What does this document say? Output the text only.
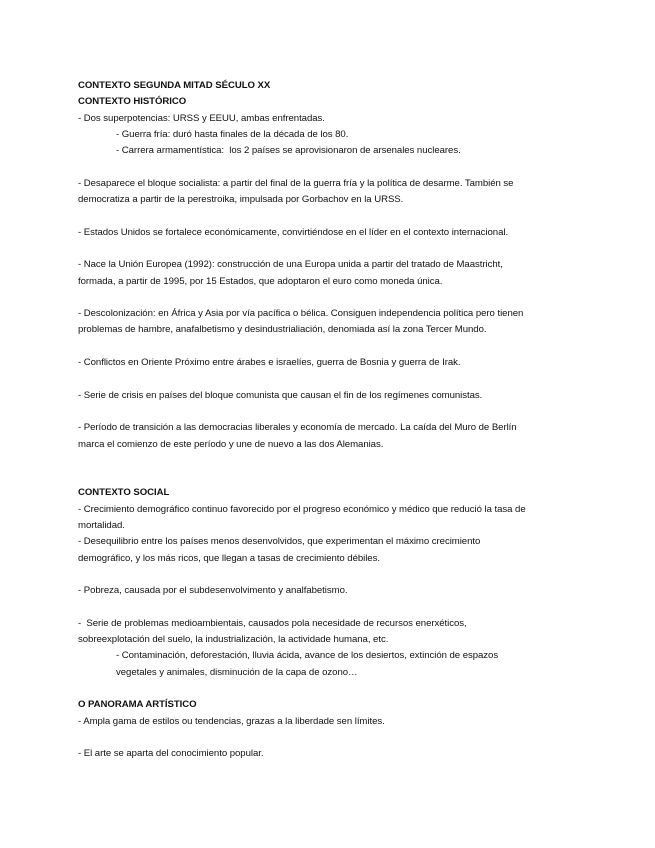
CONTEXTO SEGUNDA MITAD SÉCULO XX

CONTEXTO HISTÓRICO

- Dos superpotencias: URSS y EEUU, ambas enfrentadas.

- Guerra fría: duró hasta finales de la década de los 80.

- Carrera armamentística:  los 2 países se aprovisionaron de arsenales nucleares.

- Desaparece el bloque socialista: a partir del final de la guerra fría y la política de desarme. También se

democratiza a partir de la perestroika, impulsada por Gorbachov en la URSS.

- Estados Unidos se fortalece económicamente, convirtiéndose en el líder en el contexto internacional.

- Nace la Unión Europea (1992): construcción de una Europa unida a partir del tratado de Maastricht,

formada, a partir de 1995, por 15 Estados, que adoptaron el euro como moneda única.

- Descolonización: en África y Asia por vía pacífica o bélica. Consiguen independencia política pero tienen

problemas de hambre, anafalbetismo y desindustrialiación, denomiada así la zona Tercer Mundo.

- Conflictos en Oriente Próximo entre árabes e israelíes, guerra de Bosnia y guerra de Irak.

- Serie de crisis en países del bloque comunista que causan el fin de los regímenes comunistas.

- Período de transición a las democracias liberales y economía de mercado. La caída del Muro de Berlín

marca el comienzo de este período y une de nuevo a las dos Alemanias.

CONTEXTO SOCIAL

- Crecimiento demográfico continuo favorecido por el progreso económico y médico que redució la tasa de

mortalidad.

- Desequilibrio entre los países menos desenvolvidos, que experimentan el máximo crecimiento

demográfico, y los más ricos, que llegan a tasas de crecimiento débiles.

- Pobreza, causada por el subdesenvolvimento y analfabetismo.

-  Serie de problemas medioambientais, causados pola necesidade de recursos enerxéticos,

sobreexplotación del suelo, la industrialización, la actividade humana, etc.

- Contaminación, deforestación, lluvia ácida, avance de los desiertos, extinción de espazos

vegetales y animales, disminución de la capa de ozono…

O PANORAMA ARTÍSTICO

- Ampla gama de estilos ou tendencias, grazas a la liberdade sen límites.

- El arte se aparta del conocimiento popular.
